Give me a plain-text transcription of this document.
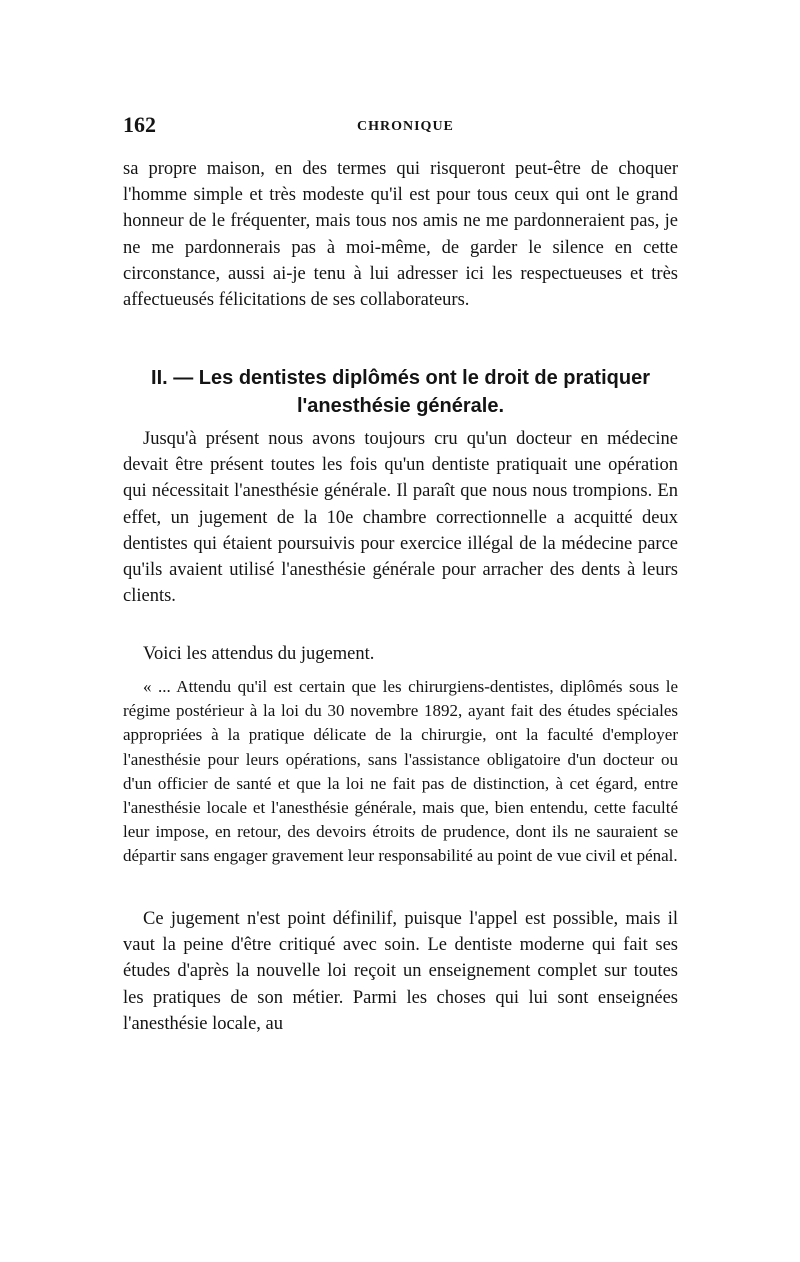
162	CHRONIQUE

sa propre maison, en des termes qui risqueront peut-être de choquer l'homme simple et très modeste qu'il est pour tous ceux qui ont le grand honneur de le fréquenter, mais tous nos amis ne me pardonneraient pas, je ne me pardonnerais pas à moi-même, de garder le silence en cette circonstance, aussi ai-je tenu à lui adresser ici les respectueuses et très affectueusés félicitations de ses collaborateurs.

II. — Les dentistes diplômés ont le droit de pratiquer l'anesthésie générale.

Jusqu'à présent nous avons toujours cru qu'un docteur en médecine devait être présent toutes les fois qu'un dentiste pratiquait une opération qui nécessitait l'anesthésie générale. Il paraît que nous nous trompions. En effet, un jugement de la 10e chambre correctionnelle a acquitté deux dentistes qui étaient poursuivis pour exercice illégal de la médecine parce qu'ils avaient utilisé l'anesthésie générale pour arracher des dents à leurs clients.

Voici les attendus du jugement.

« ... Attendu qu'il est certain que les chirurgiens-dentistes, diplômés sous le régime postérieur à la loi du 30 novembre 1892, ayant fait des études spéciales appropriées à la pratique délicate de la chirurgie, ont la faculté d'employer l'anesthésie pour leurs opérations, sans l'assistance obligatoire d'un docteur ou d'un officier de santé et que la loi ne fait pas de distinction, à cet égard, entre l'anesthésie locale et l'anesthésie générale, mais que, bien entendu, cette faculté leur impose, en retour, des devoirs étroits de prudence, dont ils ne sauraient se départir sans engager gravement leur responsabilité au point de vue civil et pénal.

Ce jugement n'est point définilif, puisque l'appel est possible, mais il vaut la peine d'être critiqué avec soin. Le dentiste moderne qui fait ses études d'après la nouvelle loi reçoit un enseignement complet sur toutes les pratiques de son métier. Parmi les choses qui lui sont enseignées l'anesthésie locale, au
